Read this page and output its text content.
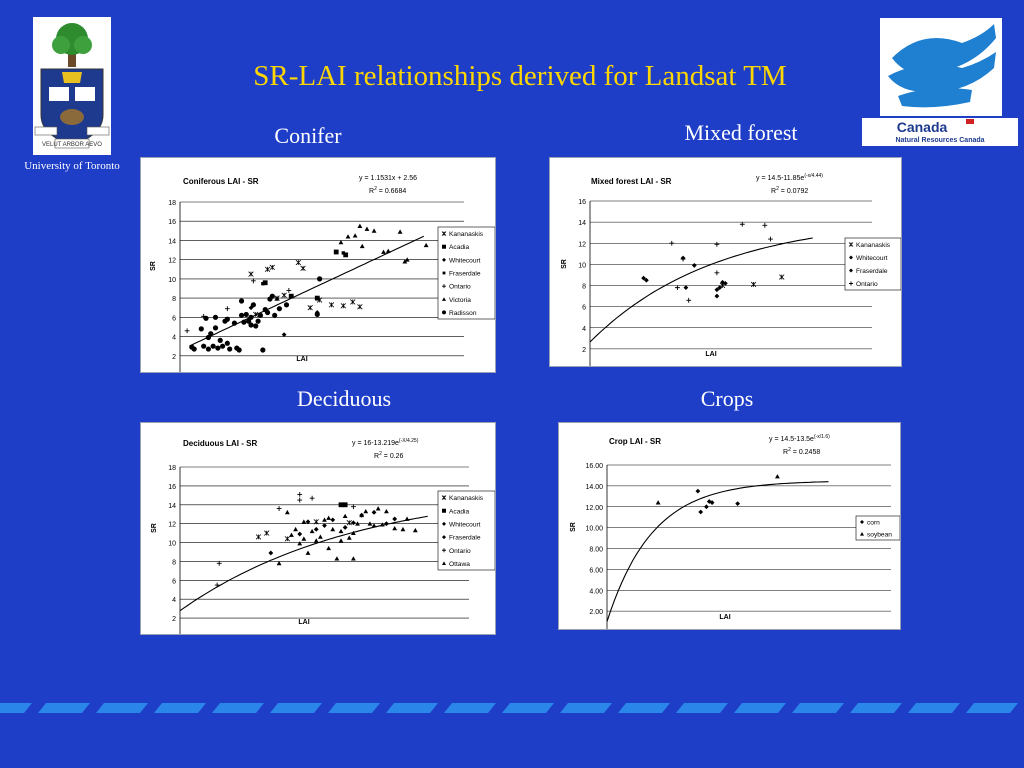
VELUT ARBOR AEVO
University of Toronto
SR-LAI relationships derived for Landsat TM
Canada
Natural Resources Canada
Conifer	Mixed forest
Deciduous	Crops
2
4
6
8
10
12
14
16
18
Coniferous LAI - SR	y = 1.1531x + 2.56
$R^2 = 0.6684$
LAI
SR
Kananaskis
Acadia
Whitecourt
Fraserdale
Ontario
Victoria
Radisson
2
4
6
8
10
12
14
16
Mixed forest LAI - SR	$y = 14.5-11.85e^{(-x/4.44)}$
$R^2 = 0.0792$
LAI
SR
Kananaskis
Whitecourt
Fraserdale
Ontario
2
4
6
8
10
12
14
16
18
Deciduous LAI - SR	$y = 16-13.219e^{(-X/4.25)}$
$R^2 = 0.26$
LAI
SR
Kananaskis
Acadia
Whitecourt
Fraserdale
Ontario
Ottawa
2.00
4.00
6.00
8.00
10.00
12.00
14.00
16.00
Crop LAI - SR	$y = 14.5-13.5e^{(-x/1.6)}$
$R^2 = 0.2458$
LAI
SR	corn
soybean
